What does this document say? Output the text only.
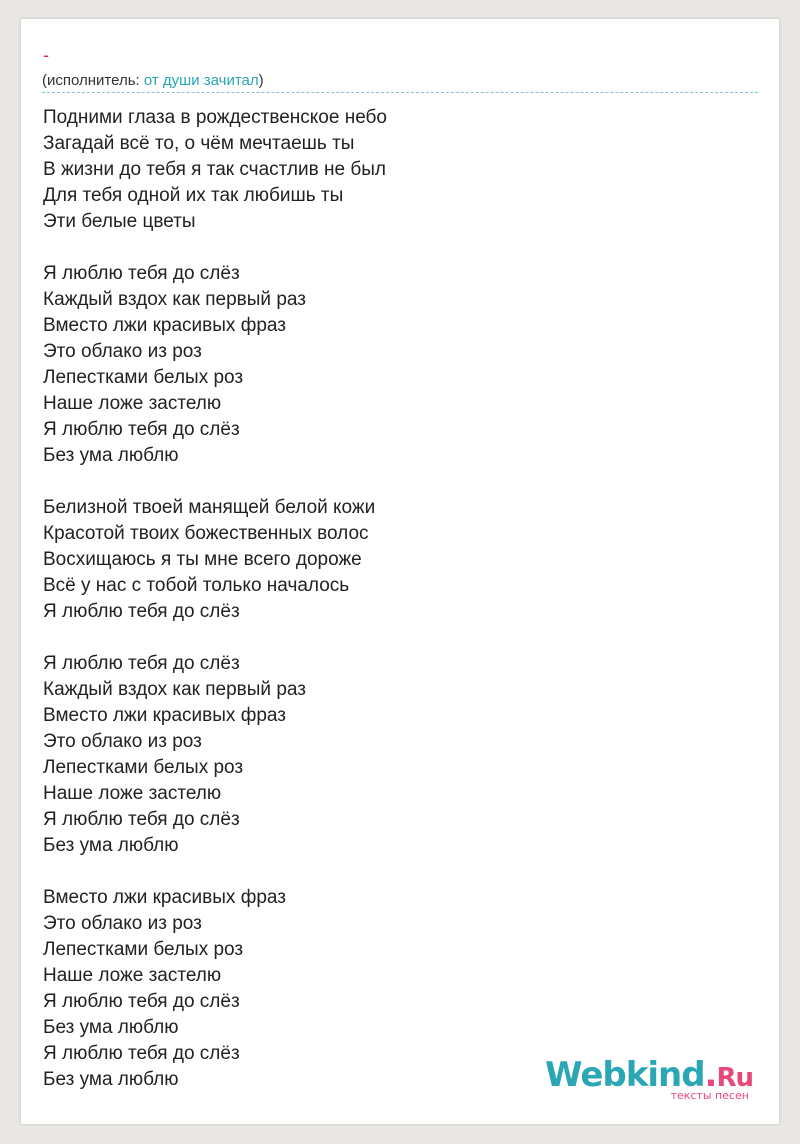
-
(исполнитель: от души зачитал)
Подними глаза в рождественское небо
Загадай всё то, о чём мечтаешь ты
В жизни до тебя я так счастлив не был
Для тебя одной их так любишь ты
Эти белые цветы
Я люблю тебя до слёз
Каждый вздох как первый раз
Вместо лжи красивых фраз
Это облако из роз
Лепестками белых роз
Наше ложе застелю
Я люблю тебя до слёз
Без ума люблю
Белизной твоей манящей белой кожи
Красотой твоих божественных волос
Восхищаюсь я ты мне всего дороже
Всё у нас с тобой только началось
Я люблю тебя до слёз
Я люблю тебя до слёз
Каждый вздох как первый раз
Вместо лжи красивых фраз
Это облако из роз
Лепестками белых роз
Наше ложе застелю
Я люблю тебя до слёз
Без ума люблю
Вместо лжи красивых фраз
Это облако из роз
Лепестками белых роз
Наше ложе застелю
Я люблю тебя до слёз
Без ума люблю
Я люблю тебя до слёз
Без ума люблю	Webkind.Ru
тексты песен
